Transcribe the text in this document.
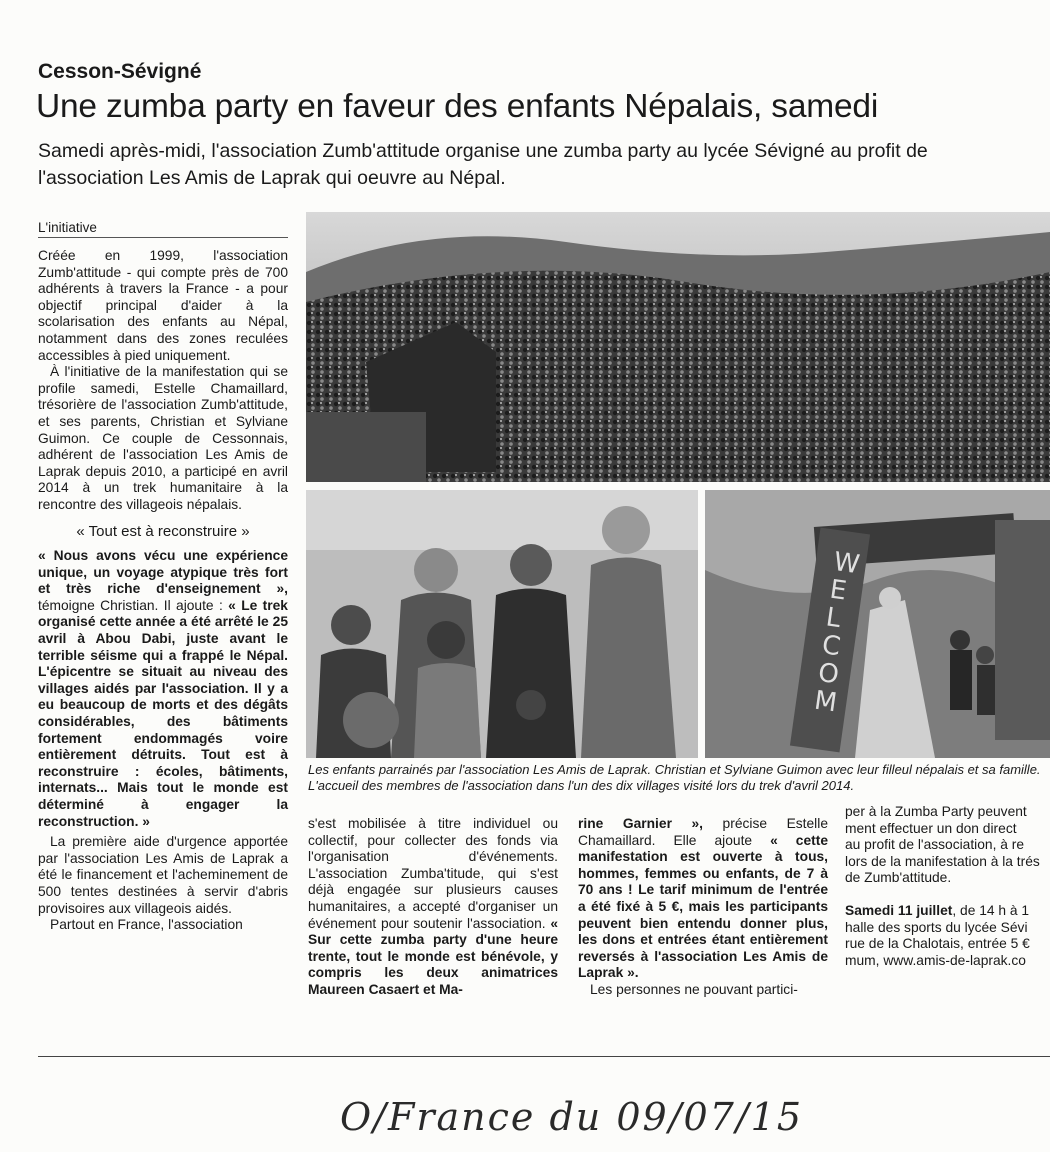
Cesson-Sévigné
Une zumba party en faveur des enfants Népalais, samedi
Samedi après-midi, l'association Zumb'attitude organise une zumba party au lycée Sévigné au profit de l'association Les Amis de Laprak qui oeuvre au Népal.
L'initiative

Créée en 1999, l'association Zumb'attitude - qui compte près de 700 adhérents à travers la France - a pour objectif principal d'aider à la scolarisation des enfants au Népal, notamment dans des zones reculées accessibles à pied uniquement.

À l'initiative de la manifestation qui se profile samedi, Estelle Chamaillard, trésorière de l'association Zumb'attitude, et ses parents, Christian et Sylviane Guimon. Ce couple de Cessonnais, adhérent de l'association Les Amis de Laprak depuis 2010, a participé en avril 2014 à un trek humanitaire à la rencontre des villageois népalais.

« Tout est à reconstruire »

« Nous avons vécu une expérience unique, un voyage atypique très fort et très riche d'enseignement », témoigne Christian. Il ajoute : « Le trek organisé cette année a été arrêté le 25 avril à Abou Dabi, juste avant le terrible séisme qui a frappé le Népal. L'épicentre se situait au niveau des villages aidés par l'association. Il y a eu beaucoup de morts et des dégâts considérables, des bâtiments fortement endommagés voire entièrement détruits. Tout est à reconstruire : écoles, bâtiments, internats... Mais tout le monde est déterminé à engager la reconstruction. »

La première aide d'urgence apportée par l'association Les Amis de Laprak a été le financement et l'acheminement de 500 tentes destinées à servir d'abris provisoires aux villageois aidés.

Partout en France, l'association

WELCOM
Les enfants parrainés par l'association Les Amis de Laprak. Christian et Sylviane Guimon avec leur filleul népalais et sa famille. L'accueil des membres de l'association dans l'un des dix villages visité lors du trek d'avril 2014.

s'est mobilisée à titre individuel ou collectif, pour collecter des fonds via l'organisation d'événements. L'association Zumba'titude, qui s'est déjà engagée sur plusieurs causes humanitaires, a accepté d'organiser un événement pour soutenir l'association. « Sur cette zumba party d'une heure trente, tout le monde est bénévole, y compris les deux animatrices Maureen Casaert et Ma-

rine Garnier », précise Estelle Chamaillard. Elle ajoute « cette manifestation est ouverte à tous, hommes, femmes ou enfants, de 7 à 70 ans ! Le tarif minimum de l'entrée a été fixé à 5 €, mais les participants peuvent bien entendu donner plus, les dons et entrées étant entièrement reversés à l'association Les Amis de Laprak ».

Les personnes ne pouvant partici-

per à la Zumba Party peuvent

ment effectuer un don direct

au profit de l'association, à re

lors de la manifestation à la trés

de Zumb'attitude.

Samedi 11 juillet, de 14 h à 1

halle des sports du lycée Sévi

rue de la Chalotais, entrée 5 €

mum, www.amis-de-laprak.co

O/France du 09/07/15
